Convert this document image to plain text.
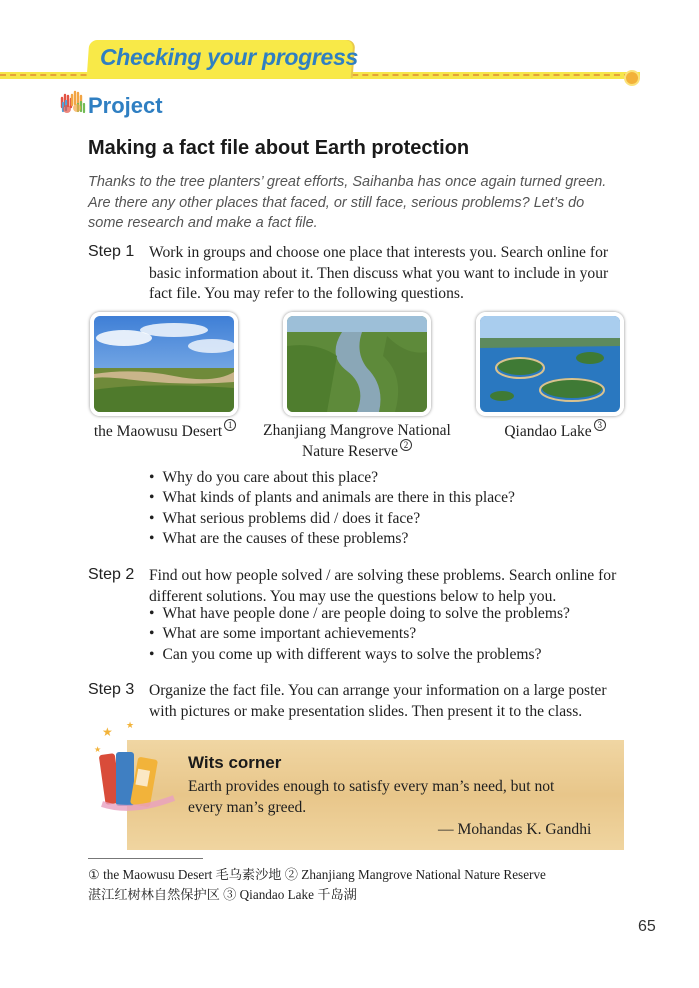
Checking your progress
Project
Making a fact file about Earth protection
Thanks to the tree planters’ great efforts, Saihanba has once again turned green. Are there any other places that faced, or still face, serious problems? Let’s do some research and make a fact file.
Step 1 Work in groups and choose one place that interests you. Search online for basic information about it. Then discuss what you want to include in your fact file. You may refer to the following questions.
the Maowusu Desert 1	Zhanjiang Mangrove National
Nature Reserve 2
Qiandao Lake 3
• Why do you care about this place?
• What kinds of plants and animals are there in this place?
• What serious problems did / does it face?
• What are the causes of these problems?
Step 2 Find out how people solved / are solving these problems. Search online for different solutions. You may use the questions below to help you.
• What have people done / are people doing to solve the problems?
• What are some important achievements?
• Can you come up with different ways to solve the problems?
Step 3 Organize the fact file. You can arrange your information on a large poster with pictures or make presentation slides. Then present it to the class.
★ ★
★
Wits corner
Earth provides enough to satisfy every man’s need, but not every man’s greed.
— Mohandas K. Gandhi
① the Maowusu Desert 毛乌素沙地 ② Zhanjiang Mangrove National Nature Reserve
湛江红树林自然保护区 ③ Qiandao Lake 千岛湖
65
